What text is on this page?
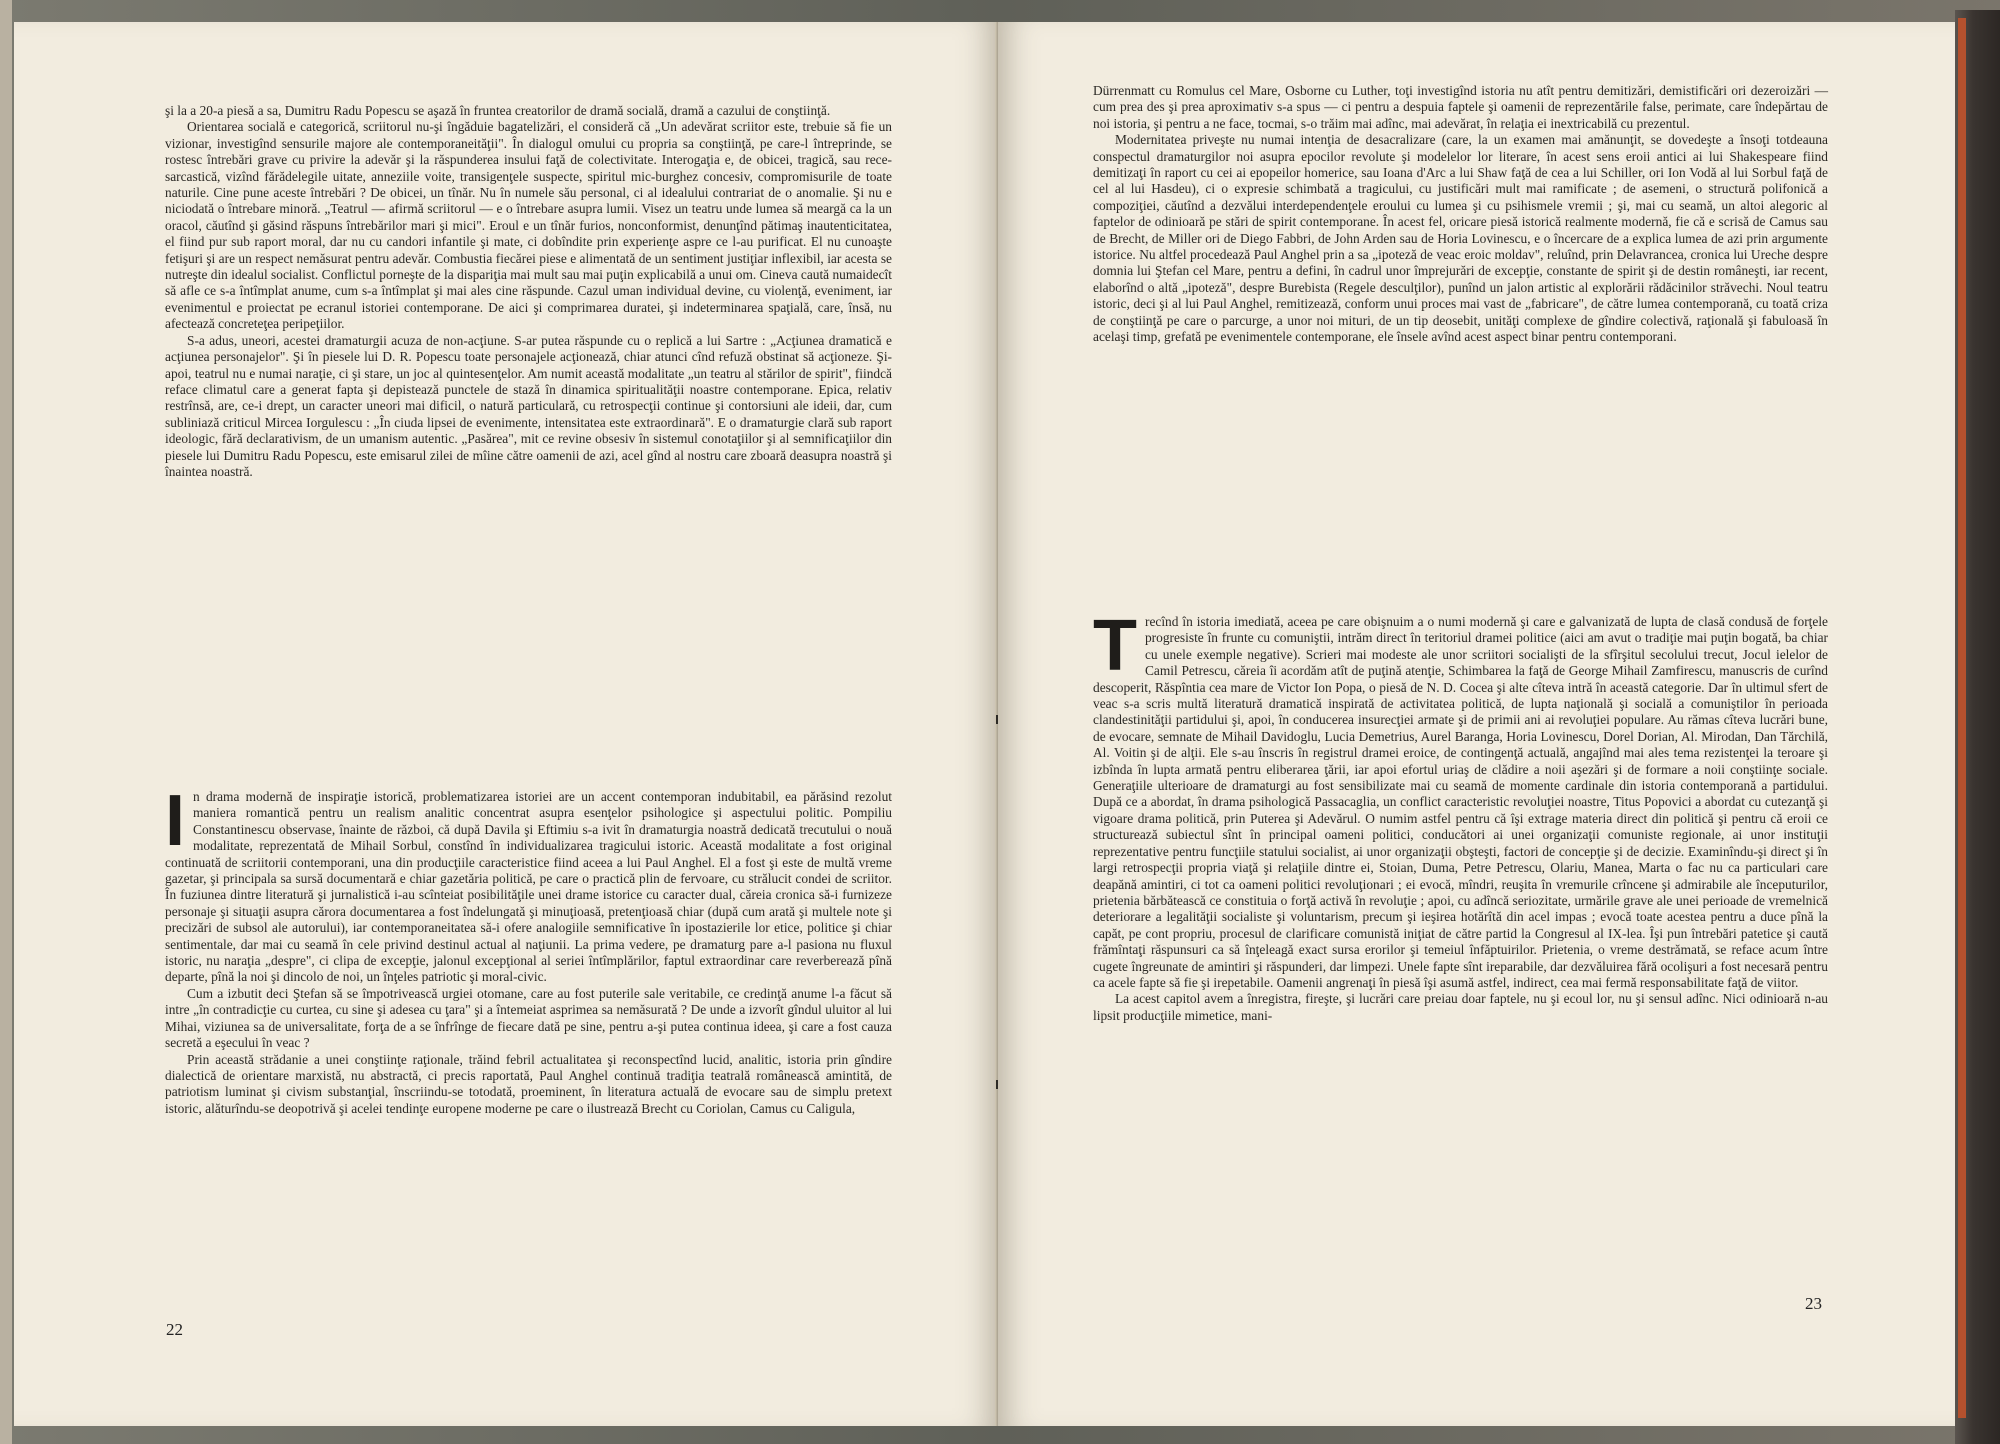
şi la a 20-a piesă a sa, Dumitru Radu Popescu se aşază în fruntea creatorilor de dramă socială, dramă a cazului de conştiinţă.

Orientarea socială e categorică, scriitorul nu-şi îngăduie bagatelizări, el consideră că „Un adevărat scriitor este, trebuie să fie un vizionar, investigînd sensurile majore ale contemporaneităţii". În dialogul omului cu propria sa conştiinţă, pe care-l întreprinde, se rostesc întrebări grave cu privire la adevăr şi la răspunderea insului faţă de colectivitate. Interogaţia e, de obicei, tragică, sau rece-sarcastică, vizînd fărădelegile uitate, anneziile voite, transigenţele suspecte, spiritul mic-burghez concesiv, compromisurile de toate naturile. Cine pune aceste întrebări ? De obicei, un tînăr. Nu în numele său personal, ci al idealului contrariat de o anomalie. Şi nu e niciodată o întrebare minoră. „Teatrul — afirmă scriitorul — e o întrebare asupra lumii. Visez un teatru unde lumea să meargă ca la un oracol, căutînd şi găsind răspuns întrebărilor mari şi mici". Eroul e un tînăr furios, nonconformist, denunţînd pătimaş inautenticitatea, el fiind pur sub raport moral, dar nu cu candori infantile şi mate, ci dobîndite prin experienţe aspre ce l-au purificat. El nu cunoaşte fetişuri şi are un respect nemăsurat pentru adevăr. Combustia fiecărei piese e alimentată de un sentiment justiţiar inflexibil, iar acesta se nutreşte din idealul socialist. Conflictul porneşte de la dispariţia mai mult sau mai puţin explicabilă a unui om. Cineva caută numaidecît să afle ce s-a întîmplat anume, cum s-a întîmplat şi mai ales cine răspunde. Cazul uman individual devine, cu violenţă, eveniment, iar evenimentul e proiectat pe ecranul istoriei contemporane. De aici şi comprimarea duratei, şi indeterminarea spaţială, care, însă, nu afectează concreteţea peripeţiilor.

S-a adus, uneori, acestei dramaturgii acuza de non-acţiune. S-ar putea răspunde cu o replică a lui Sartre : „Acţiunea dramatică e acţiunea personajelor". Şi în piesele lui D. R. Popescu toate personajele acţionează, chiar atunci cînd refuză obstinat să acţioneze. Şi-apoi, teatrul nu e numai naraţie, ci şi stare, un joc al quintesenţelor. Am numit această modalitate „un teatru al stărilor de spirit", fiindcă reface climatul care a generat fapta şi depistează punctele de stază în dinamica spiritualităţii noastre contemporane. Epica, relativ restrînsă, are, ce-i drept, un caracter uneori mai dificil, o natură particulară, cu retrospecţii continue şi contorsiuni ale ideii, dar, cum subliniază criticul Mircea Iorgulescu : „În ciuda lipsei de evenimente, intensitatea este extraordinară". E o dramaturgie clară sub raport ideologic, fără declarativism, de un umanism autentic. „Pasărea", mit ce revine obsesiv în sistemul conotaţiilor şi al semnificaţiilor din piesele lui Dumitru Radu Popescu, este emisarul zilei de mîine către oamenii de azi, acel gînd al nostru care zboară deasupra noastră şi înaintea noastră.

I n drama modernă de inspiraţie istorică, problematizarea istoriei are un accent contemporan indubitabil, ea părăsind rezolut maniera romantică pentru un realism analitic concentrat asupra esenţelor psihologice şi aspectului politic. Pompiliu Constantinescu observase, înainte de război, că după Davila şi Eftimiu s-a ivit în dramaturgia noastră dedicată trecutului o nouă modalitate, reprezentată de Mihail Sorbul, constînd în individualizarea tragicului istoric. Această modalitate a fost original continuată de scriitorii contemporani, una din producţiile caracteristice fiind aceea a lui Paul Anghel. El a fost şi este de multă vreme gazetar, şi principala sa sursă documentară e chiar gazetăria politică, pe care o practică plin de fervoare, cu strălucit condei de scriitor. În fuziunea dintre literatură şi jurnalistică i-au scînteiat posibilităţile unei drame istorice cu caracter dual, căreia cronica să-i furnizeze personaje şi situaţii asupra cărora documentarea a fost îndelungată şi minuţioasă, pretenţioasă chiar (după cum arată şi multele note şi precizări de subsol ale autorului), iar contemporaneitatea să-i ofere analogiile semnificative în ipostazierile lor etice, politice şi chiar sentimentale, dar mai cu seamă în cele privind destinul actual al naţiunii. La prima vedere, pe dramaturg pare a-l pasiona nu fluxul istoric, nu naraţia „despre", ci clipa de excepţie, jalonul excepţional al seriei întîmplărilor, faptul extraordinar care reverberează pînă departe, pînă la noi şi dincolo de noi, un înţeles patriotic şi moral-civic.

Cum a izbutit deci Ştefan să se împotrivească urgiei otomane, care au fost puterile sale veritabile, ce credinţă anume l-a făcut să intre „în contradicţie cu curtea, cu sine şi adesea cu ţara" şi a întemeiat asprimea sa nemăsurată ? De unde a izvorît gîndul uluitor al lui Mihai, viziunea sa de universalitate, forţa de a se înfrînge de fiecare dată pe sine, pentru a-şi putea continua ideea, şi care a fost cauza secretă a eşecului în veac ?

Prin această strădanie a unei conştiinţe raţionale, trăind febril actualitatea şi reconspectînd lucid, analitic, istoria prin gîndire dialectică de orientare marxistă, nu abstractă, ci precis raportată, Paul Anghel continuă tradiţia teatrală românească amintită, de patriotism luminat şi civism substanţial, înscriindu-se totodată, proeminent, în literatura actuală de evocare sau de simplu pretext istoric, alăturîndu-se deopotrivă şi acelei tendinţe europene moderne pe care o ilustrează Brecht cu Coriolan, Camus cu Caligula,

22

Dürrenmatt cu Romulus cel Mare, Osborne cu Luther, toţi investigînd istoria nu atît pentru demitizări, demistificări ori dezeroizări — cum prea des şi prea aproximativ s-a spus — ci pentru a despuia faptele şi oamenii de reprezentările false, perimate, care îndepărtau de noi istoria, şi pentru a ne face, tocmai, s-o trăim mai adînc, mai adevărat, în relaţia ei inextricabilă cu prezentul.

Modernitatea priveşte nu numai intenţia de desacralizare (care, la un examen mai amănunţit, se dovedeşte a însoţi totdeauna conspectul dramaturgilor noi asupra epocilor revolute şi modelelor lor literare, în acest sens eroii antici ai lui Shakespeare fiind demitizaţi în raport cu cei ai epopeilor homerice, sau Ioana d'Arc a lui Shaw faţă de cea a lui Schiller, ori Ion Vodă al lui Sorbul faţă de cel al lui Hasdeu), ci o expresie schimbată a tragicului, cu justificări mult mai ramificate ; de asemeni, o structură polifonică a compoziţiei, căutînd a dezvălui interdependenţele eroului cu lumea şi cu psihismele vremii ; şi, mai cu seamă, un altoi alegoric al faptelor de odinioară pe stări de spirit contemporane. În acest fel, oricare piesă istorică realmente modernă, fie că e scrisă de Camus sau de Brecht, de Miller ori de Diego Fabbri, de John Arden sau de Horia Lovinescu, e o încercare de a explica lumea de azi prin argumente istorice. Nu altfel procedează Paul Anghel prin a sa „ipoteză de veac eroic moldav", reluînd, prin Delavrancea, cronica lui Ureche despre domnia lui Ştefan cel Mare, pentru a defini, în cadrul unor împrejurări de excepţie, constante de spirit şi de destin româneşti, iar recent, elaborînd o altă „ipoteză", despre Burebista (Regele desculţilor), punînd un jalon artistic al explorării rădăcinilor străvechi. Noul teatru istoric, deci şi al lui Paul Anghel, remitizează, conform unui proces mai vast de „fabricare", de către lumea contemporană, cu toată criza de conştiinţă pe care o parcurge, a unor noi mituri, de un tip deosebit, unităţi complexe de gîndire colectivă, raţională şi fabuloasă în acelaşi timp, grefată pe evenimentele contemporane, ele însele avînd acest aspect binar pentru contemporani.

T recînd în istoria imediată, aceea pe care obişnuim a o numi modernă şi care e galvanizată de lupta de clasă condusă de forţele progresiste în frunte cu comuniştii, intrăm direct în teritoriul dramei politice (aici am avut o tradiţie mai puţin bogată, ba chiar cu unele exemple negative). Scrieri mai modeste ale unor scriitori socialişti de la sfîrşitul secolului trecut, Jocul ielelor de Camil Petrescu, căreia îi acordăm atît de puţină atenţie, Schimbarea la faţă de George Mihail Zamfirescu, manuscris de curînd descoperit, Răspîntia cea mare de Victor Ion Popa, o piesă de N. D. Cocea şi alte cîteva intră în această categorie. Dar în ultimul sfert de veac s-a scris multă literatură dramatică inspirată de activitatea politică, de lupta naţională şi socială a comuniştilor în perioada clandestinităţii partidului şi, apoi, în conducerea insurecţiei armate şi de primii ani ai revoluţiei populare. Au rămas cîteva lucrări bune, de evocare, semnate de Mihail Davidoglu, Lucia Demetrius, Aurel Baranga, Horia Lovinescu, Dorel Dorian, Al. Mirodan, Dan Tărchilă, Al. Voitin şi de alţii. Ele s-au înscris în registrul dramei eroice, de contingenţă actuală, angajînd mai ales tema rezistenţei la teroare şi izbînda în lupta armată pentru eliberarea ţării, iar apoi efortul uriaş de clădire a noii aşezări şi de formare a noii conştiinţe sociale. Generaţiile ulterioare de dramaturgi au fost sensibilizate mai cu seamă de momente cardinale din istoria contemporană a partidului. După ce a abordat, în drama psihologică Passacaglia, un conflict caracteristic revoluţiei noastre, Titus Popovici a abordat cu cutezanţă şi vigoare drama politică, prin Puterea şi Adevărul. O numim astfel pentru că îşi extrage materia direct din politică şi pentru că eroii ce structurează subiectul sînt în principal oameni politici, conducători ai unei organizaţii comuniste regionale, ai unor instituţii reprezentative pentru funcţiile statului socialist, ai unor organizaţii obşteşti, factori de concepţie şi de decizie. Examinîndu-şi direct şi în largi retrospecţii propria viaţă şi relaţiile dintre ei, Stoian, Duma, Petre Petrescu, Olariu, Manea, Marta o fac nu ca particulari care deapănă amintiri, ci tot ca oameni politici revoluţionari ; ei evocă, mîndri, reuşita în vremurile crîncene şi admirabile ale începuturilor, prietenia bărbătească ce constituia o forţă activă în revoluţie ; apoi, cu adîncă seriozitate, urmările grave ale unei perioade de vremelnică deteriorare a legalităţii socialiste şi voluntarism, precum şi ieşirea hotărîtă din acel impas ; evocă toate acestea pentru a duce pînă la capăt, pe cont propriu, procesul de clarificare comunistă iniţiat de către partid la Congresul al IX-lea. Îşi pun întrebări patetice şi caută frămîntaţi răspunsuri ca să înţeleagă exact sursa erorilor şi temeiul înfăptuirilor. Prietenia, o vreme destrămată, se reface acum între cugete îngreunate de amintiri şi răspunderi, dar limpezi. Unele fapte sînt ireparabile, dar dezvăluirea fără ocolişuri a fost necesară pentru ca acele fapte să fie şi irepetabile. Oamenii angrenaţi în piesă îşi asumă astfel, indirect, cea mai fermă responsabilitate faţă de viitor.

La acest capitol avem a înregistra, fireşte, şi lucrări care preiau doar faptele, nu şi ecoul lor, nu şi sensul adînc. Nici odinioară n-au lipsit producţiile mimetice, mani-

23
